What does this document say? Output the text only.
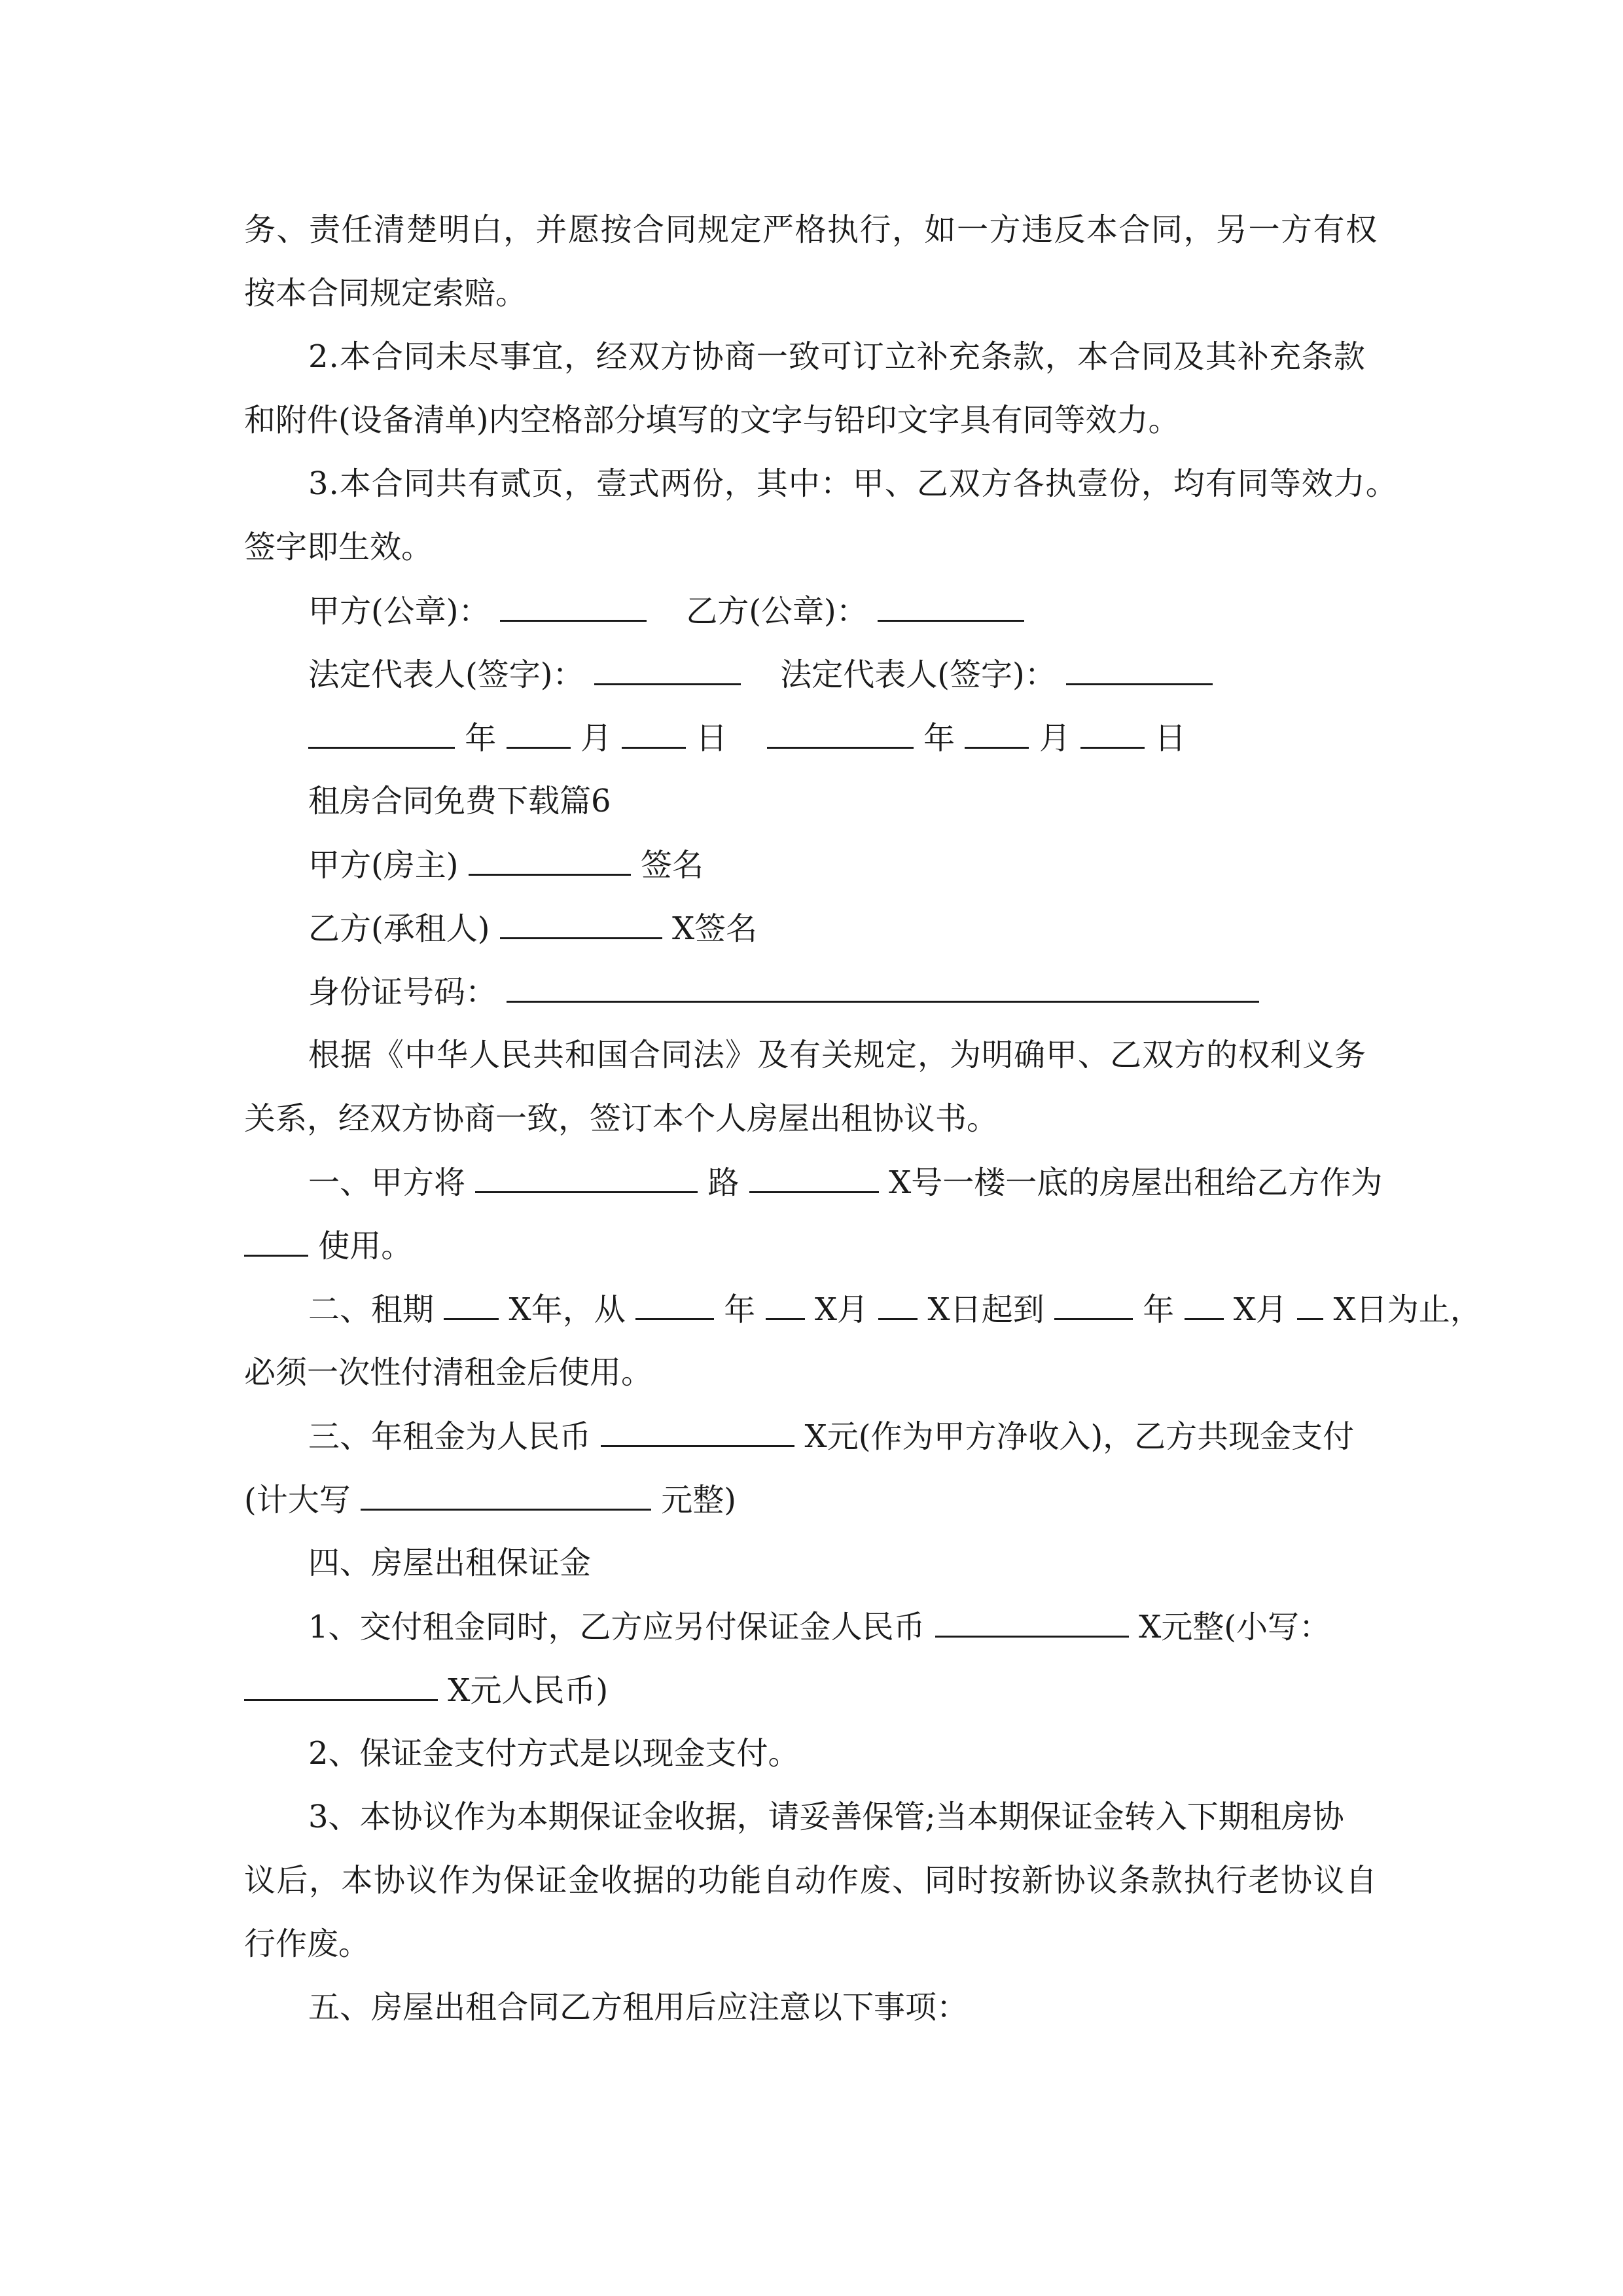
务、责任清楚明白，并愿按合同规定严格执行，如一方违反本合同，另一方有权
按本合同规定索赔。
2.本合同未尽事宜，经双方协商一致可订立补充条款，本合同及其补充条款
和附件(设备清单)内空格部分填写的文字与铅印文字具有同等效力。
3.本合同共有贰页，壹式两份，其中：甲、乙双方各执壹份，均有同等效力。
签字即生效。
甲方(公章)：	乙方(公章)：
法定代表人(签字)：	法定代表人(签字)：
年	月	日	年	月	日
租房合同免费下载篇6
甲方(房主)	签名
乙方(承租人)	X签名
身份证号码：
根据《中华人民共和国合同法》及有关规定，为明确甲、乙双方的权利义务
关系，经双方协商一致，签订本个人房屋出租协议书。
一、甲方将	路	X号一楼一底的房屋出租给乙方作为
使用。
二、租期 X年，从	年 X月 X日起到	年 X月 X日为止，
必须一次性付清租金后使用。
三、年租金为人民币	X元(作为甲方净收入)，乙方共现金支付
(计大写	元整)
四、房屋出租保证金
1、交付租金同时，乙方应另付保证金人民币	X元整(小写：
X元人民币)
2、保证金支付方式是以现金支付。
3、本协议作为本期保证金收据，请妥善保管;当本期保证金转入下期租房协
议后，本协议作为保证金收据的功能自动作废、同时按新协议条款执行老协议自
行作废。
五、房屋出租合同乙方租用后应注意以下事项：
